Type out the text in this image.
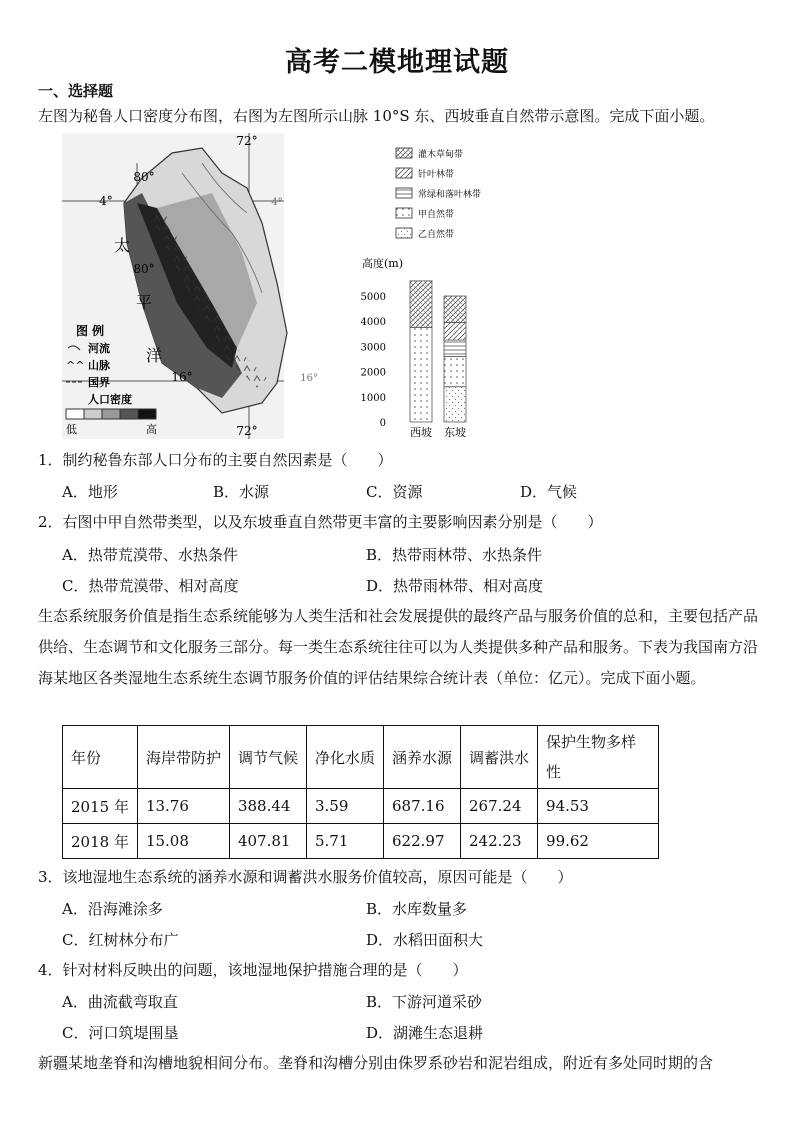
高考二模地理试题
一、选择题
左图为秘鲁人口密度分布图，右图为左图所示山脉 10°S 东、西坡垂直自然带示意图。完成下面小题。
72°
80°
4°	4°
80°
16°	16°
72°
太
平
洋
图 例
河流
^^ 山脉
国界
人口密度
低	高
灌木草甸带
针叶林带
常绿和落叶林带
甲自然带
乙自然带
高度(m)
5000
4000
3000
2000
1000
0
西坡 东坡
1．制约秘鲁东部人口分布的主要自然因素是（　　）
A．地形	B．水源	C．资源	D．气候
2．右图中甲自然带类型，以及东坡垂直自然带更丰富的主要影响因素分别是（　　）
A．热带荒漠带、水热条件	B．热带雨林带、水热条件
C．热带荒漠带、相对高度	D．热带雨林带、相对高度
生态系统服务价值是指生态系统能够为人类生活和社会发展提供的最终产品与服务价值的总和，主要包括产品供给、生态调节和文化服务三部分。每一类生态系统往往可以为人类提供多种产品和服务。下表为我国南方沿海某地区各类湿地生态系统生态调节服务价值的评估结果综合统计表（单位：亿元）。完成下面小题。
年份	海岸带防护	调节气候	净化水质	涵养水源	调蓄洪水	保护生物多样性
2015 年	13.76	388.44	3.59	687.16	267.24	94.53
2018 年	15.08	407.81	5.71	622.97	242.23	99.62
3．该地湿地生态系统的涵养水源和调蓄洪水服务价值较高，原因可能是（　　）
A．沿海滩涂多	B．水库数量多
C．红树林分布广	D．水稻田面积大
4．针对材料反映出的问题，该地湿地保护措施合理的是（　　）
A．曲流截弯取直	B．下游河道采砂
C．河口筑堤围垦	D．湖滩生态退耕
新疆某地垄脊和沟槽地貌相间分布。垄脊和沟槽分别由侏罗系砂岩和泥岩组成，附近有多处同时期的含
